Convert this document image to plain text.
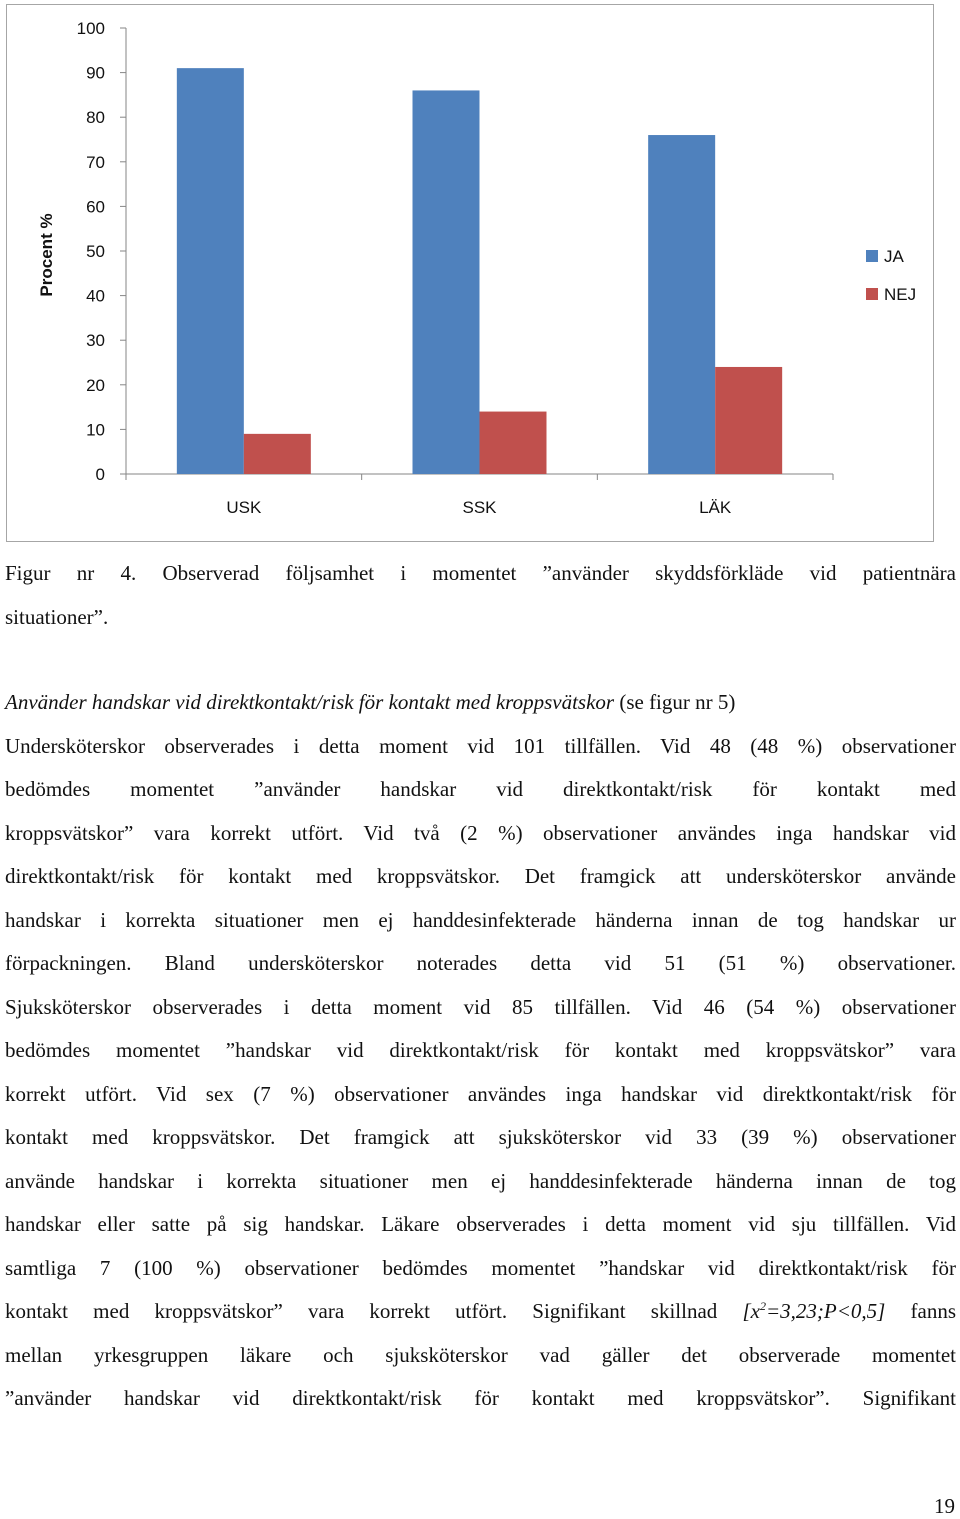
0
10
20
30
40
50
60
70
80
90
100
USK	SSK	LÄK
Procent %	JA
NEJ
Figur nr 4. Observerad följsamhet i momentet ”använder skyddsförkläde vid patientnära
situationer”.
Använder handskar vid direktkontakt/risk för kontakt med kroppsvätskor (se figur nr 5)
Undersköterskor observerades i detta moment vid 101 tillfällen. Vid 48 (48 %) observationer
bedömdes momentet ”använder handskar vid direktkontakt/risk för kontakt med
kroppsvätskor” vara korrekt utfört. Vid två (2 %) observationer användes inga handskar vid
direktkontakt/risk för kontakt med kroppsvätskor. Det framgick att undersköterskor använde
handskar i korrekta situationer men ej handdesinfekterade händerna innan de tog handskar ur
förpackningen. Bland undersköterskor noterades detta vid 51 (51 %) observationer.
Sjuksköterskor observerades i detta moment vid 85 tillfällen. Vid 46 (54 %) observationer
bedömdes momentet ”handskar vid direktkontakt/risk för kontakt med kroppsvätskor” vara
korrekt utfört. Vid sex (7 %) observationer användes inga handskar vid direktkontakt/risk för
kontakt med kroppsvätskor. Det framgick att sjuksköterskor vid 33 (39 %) observationer
använde handskar i korrekta situationer men ej handdesinfekterade händerna innan de tog
handskar eller satte på sig handskar. Läkare observerades i detta moment vid sju tillfällen. Vid
samtliga 7 (100 %) observationer bedömdes momentet ”handskar vid direktkontakt/risk för
kontakt med kroppsvätskor” vara korrekt utfört. Signifikant skillnad $[x^2=3,23;P<0,5]$ fanns
mellan yrkesgruppen läkare och sjuksköterskor vad gäller det observerade momentet
”använder handskar vid direktkontakt/risk för kontakt med kroppsvätskor”. Signifikant
19
